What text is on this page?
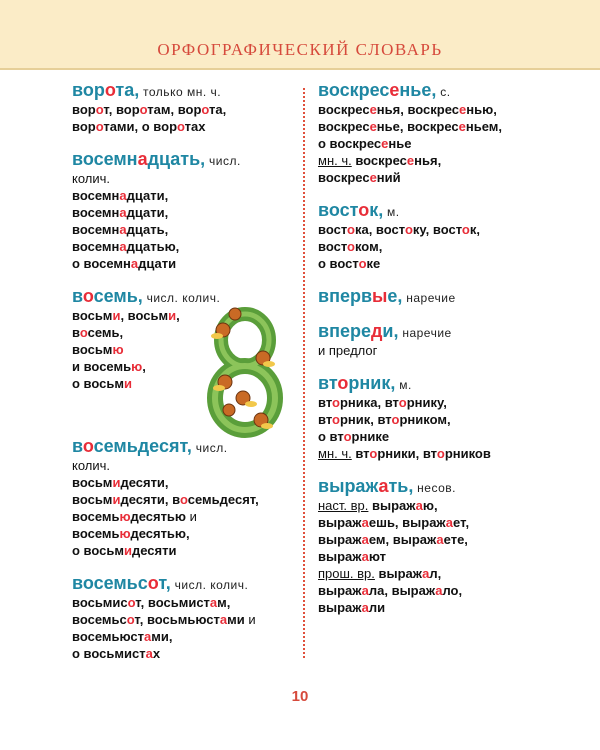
ОРФОГРАФИЧЕСКИЙ СЛОВАРЬ
ворота, только мн. ч.
ворот, воротам, ворота,
воротами, о воротах
восемнадцать, числ.
колич.
восемнадцати,
восемнадцати,
восемнадцать,
восемнадцатью,
о восемнадцати
восемь, числ. колич.
восьми, восьми,
восемь,
восьмю
и восемью,
о восьми
восемьдесят, числ.
колич.
восьмидесяти,
восьмидесяти, восемьдесят,
восемьюдесятью и
восемьюдесятью,
о восьмидесяти
восемьсот, числ. колич.
восьмисот, восьмистам,
восемьсот, восьмьюстами и
восемьюстами,
о восьмистах
воскресенье, с.
воскресенья, воскресенью,
воскресенье, воскресеньем,
о воскресенье
мн. ч. воскресенья,
воскресений
восток, м.
востока, востоку, восток,
востоком,
о востоке
впервые, наречие
впереди, наречие
и предлог
вторник, м.
вторника, вторнику,
вторник, вторником,
о вторнике
мн. ч. вторники, вторников
выражать, несов.
наст. вр. выражаю,
выражаешь, выражает,
выражаем, выражаете,
выражают
прош. вр. выражал,
выражала, выражало,
выражали
10
